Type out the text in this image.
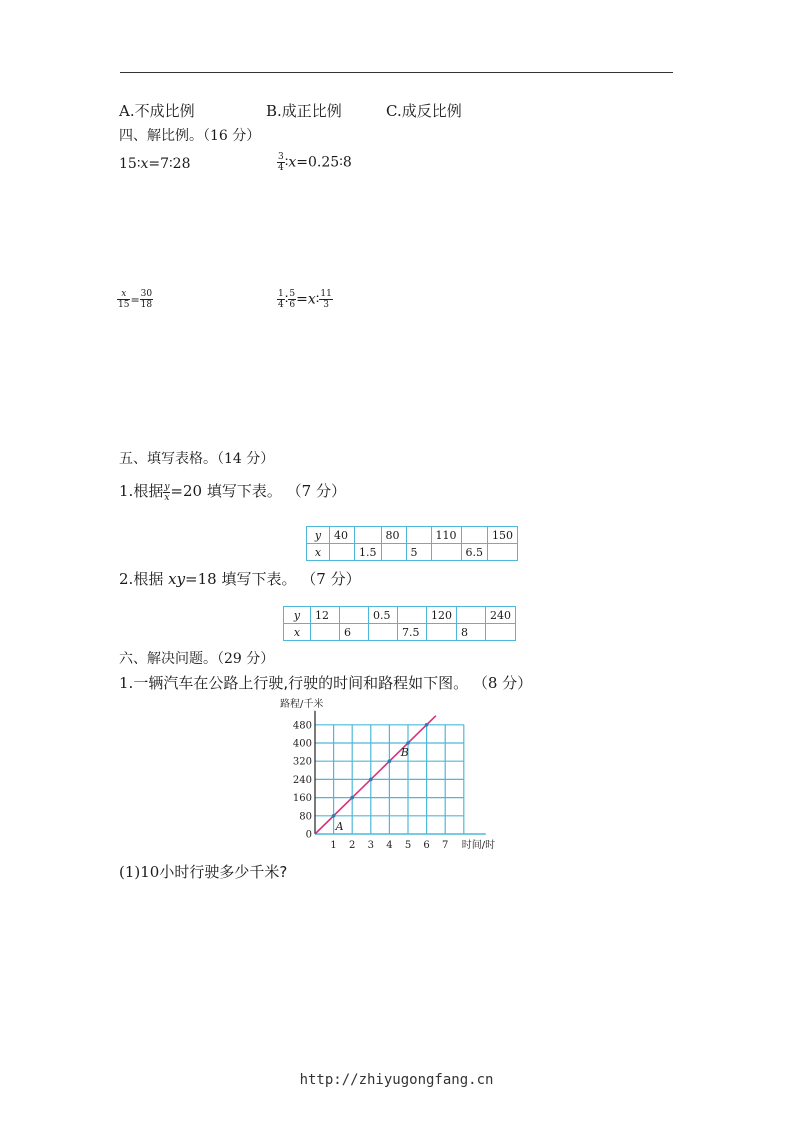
A.不成比例	B.成正比例	C.成反比例
四、解比例。（16 分）
15∶x=7∶28	$\frac{3}{4}$ ∶x=0.25∶8
$\frac{x}{15} = \frac{30}{18}$	$\frac{1}{4}$ ∶ $\frac{5}{6}$ =x∶ $\frac{11}{3}$
五、填写表格。（14 分）
1.根据 $\frac{y}{x} =20$ 填写下表。 （7 分）
y	40		80		110		150
x		1.5		5		6.5	
2.根据 xy=18 填写下表。 （7 分）
y	12		0.5		120		240
x		6		7.5		8	
六、解决问题。（29 分）
1.一辆汽车在公路上行驶,行驶的时间和路程如下图。 （8 分）
1 2 3 4 5 6 7
0
80
160
240
320
400
480
路程/千米
时间/时
A
B
(1)10小时行驶多少千米?
http://zhiyugongfang.cn
